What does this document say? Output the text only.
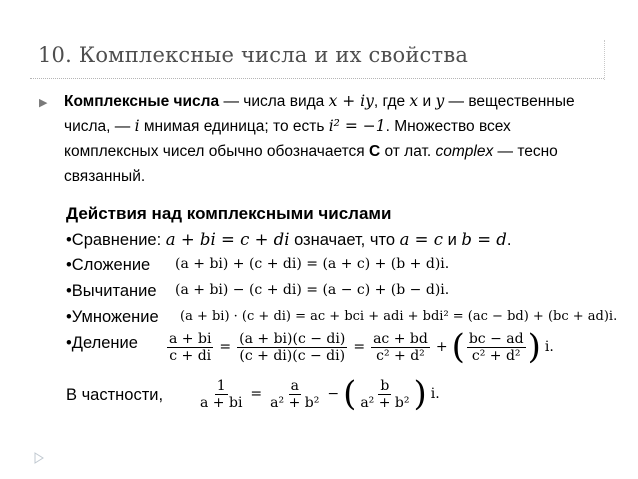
10. Комплексные числа и их свойства
▶ Комплексные числа — числа вида x + iy, где x и y — вещественные числа, — i мнимая единица; то есть i² = −1. Множество всех комплексных чисел обычно обозначается C от лат. complex — тесно связанный.
Действия над комплексными числами
•Сравнение: a + bi = c + di означает, что a = c и b = d.
•Сложение (a + bi) + (c + di) = (a + c) + (b + d)i.
•Вычитание (a + bi) − (c + di) = (a − c) + (b − d)i.
•Умножение (a + bi) · (c + di) = ac + bci + adi + bdi² = (ac − bd) + (bc + ad)i.
•Деление $\frac{a + bi}{c + di} = \frac{(a + bi)(c - di)}{(c + di)(c - di)} = \frac{ac + bd}{\text{c² + d²}}$ + ( $\frac{bc - ad}{\text{c² + d²}}$ ) i.
В частности, $\frac{1}{a + bi} = \frac{a}{\text{a² + b²}}$ − ( $\frac{b}{\text{a² + b²}}$ ) i.
